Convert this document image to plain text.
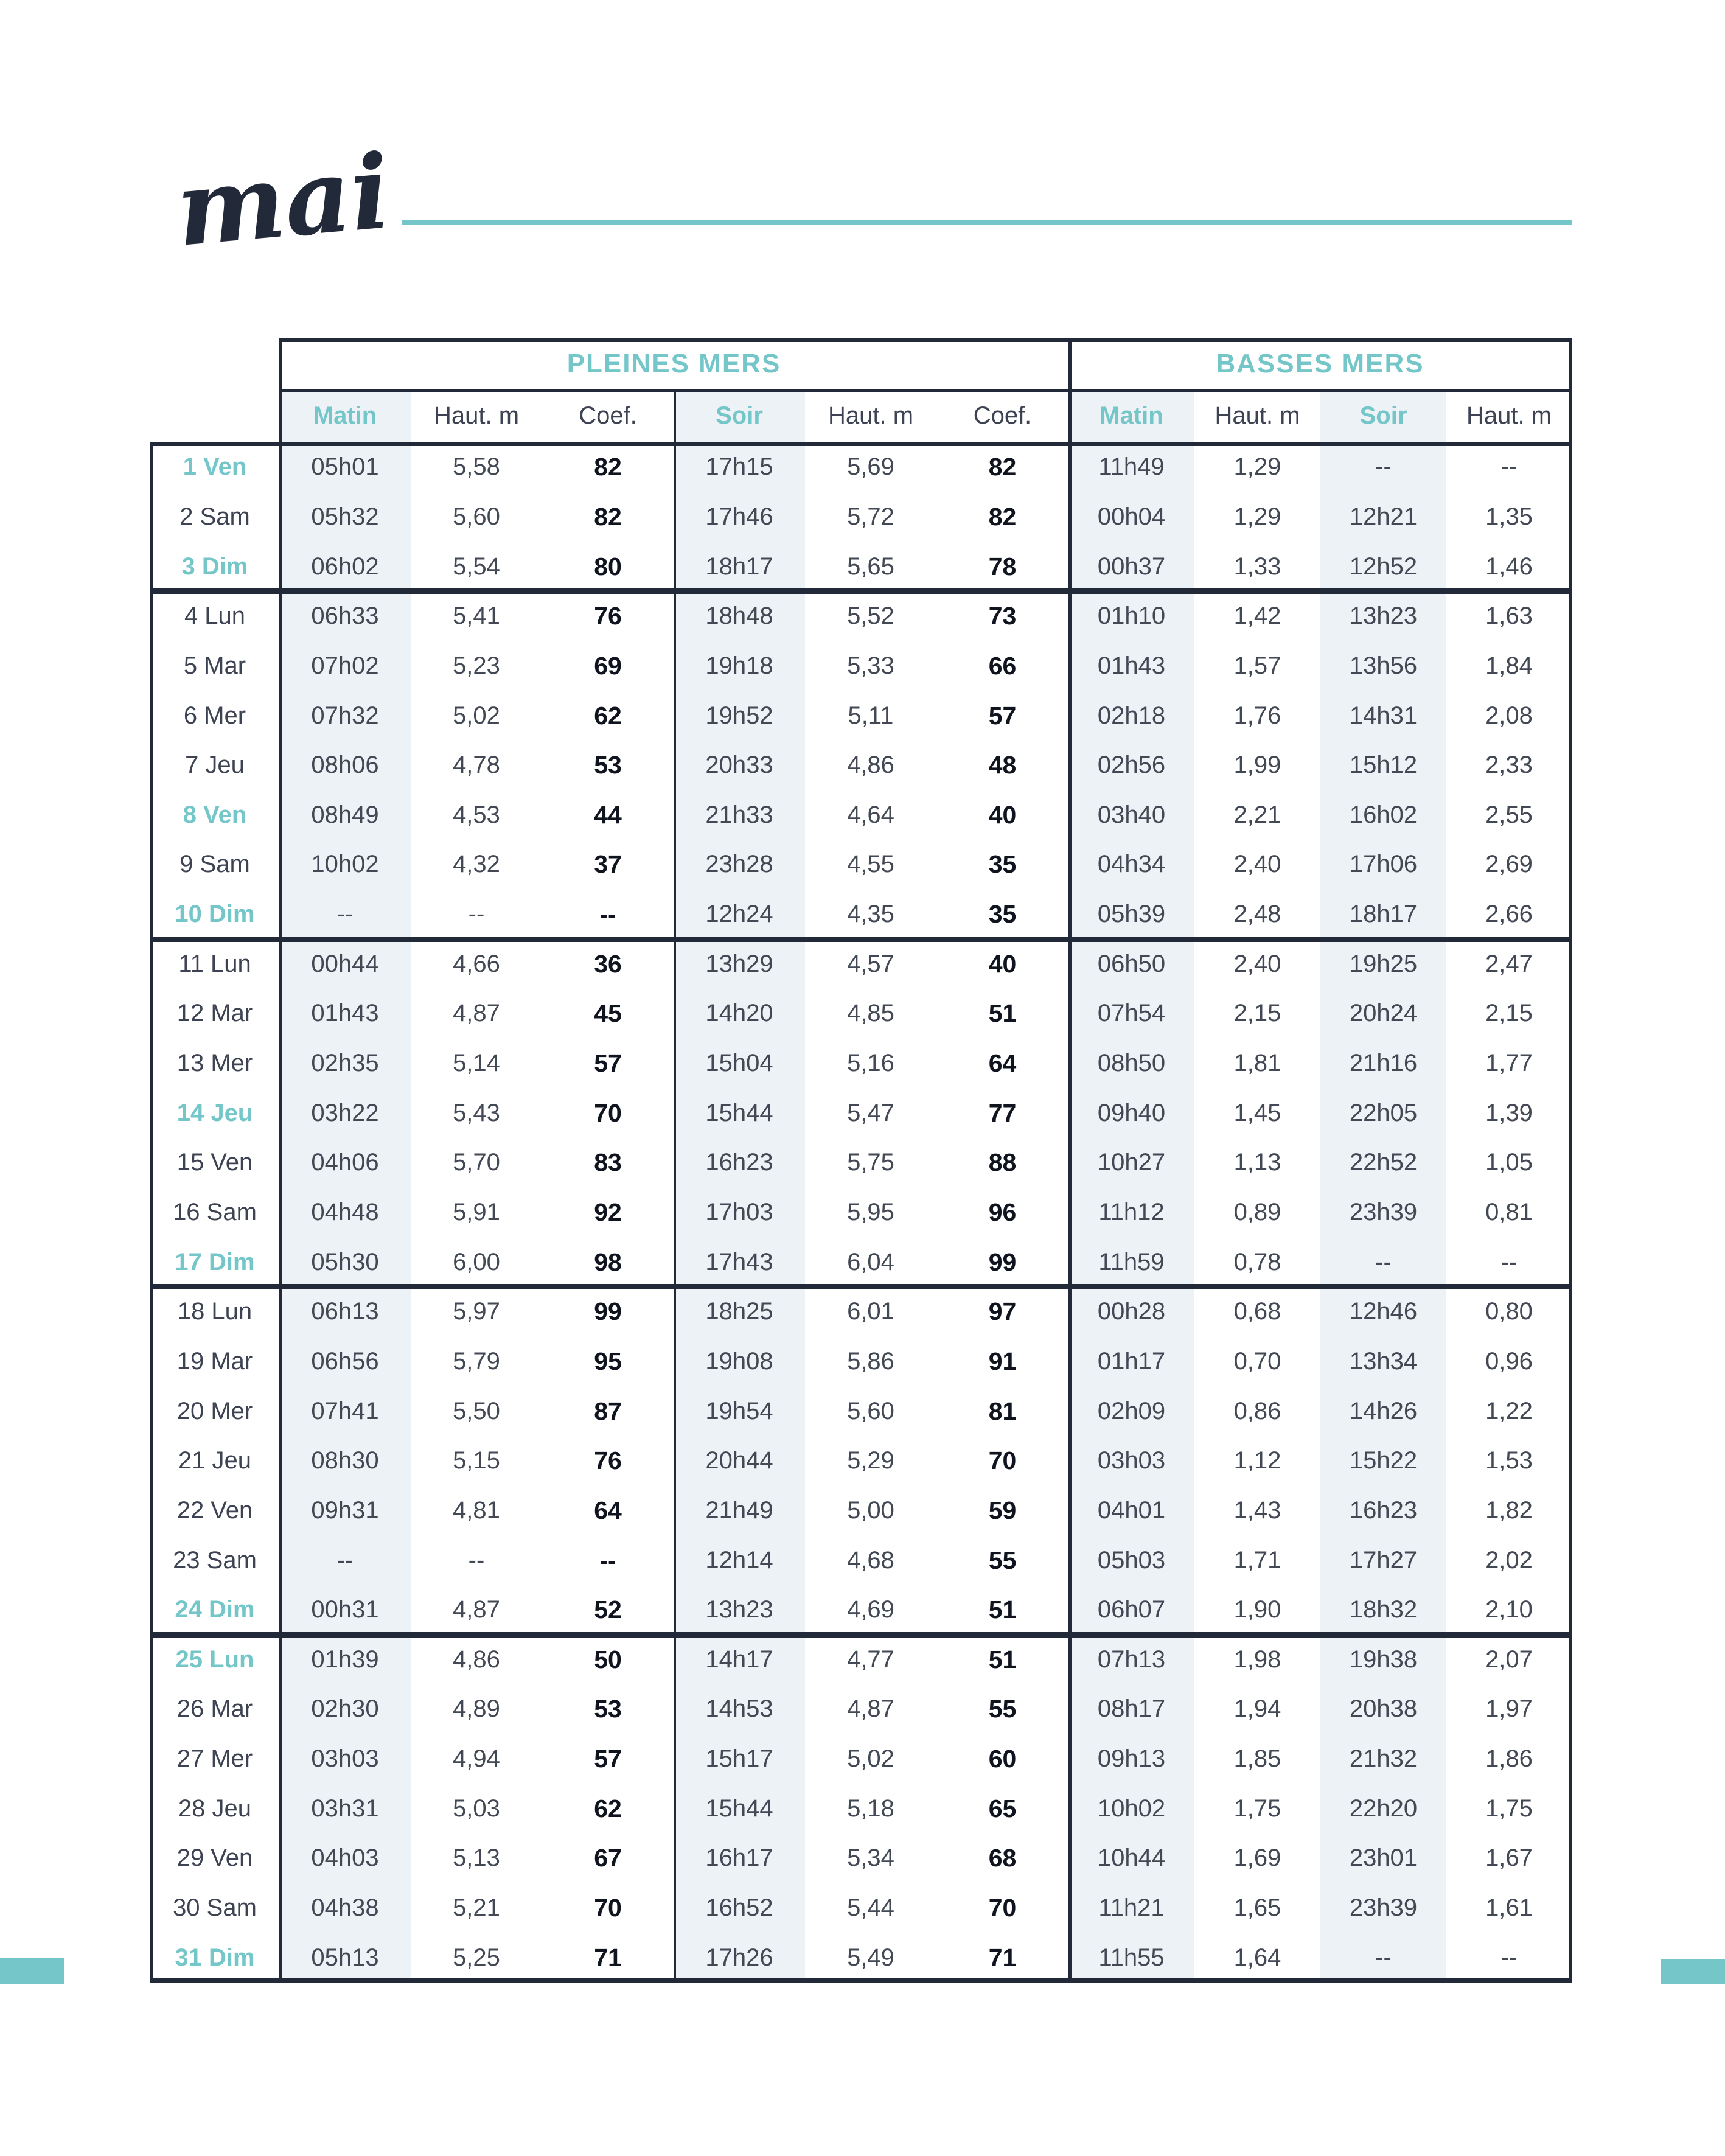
mai
PLEINES MERS	BASSES MERS
Matin	Haut. m	Coef.	Soir	Haut. m	Coef.	Matin	Haut. m	Soir	Haut. m
1 Ven	05h01	5,58	82	17h15	5,69	82	11h49	1,29	--	--
2 Sam	05h32	5,60	82	17h46	5,72	82	00h04	1,29	12h21	1,35
3 Dim	06h02	5,54	80	18h17	5,65	78	00h37	1,33	12h52	1,46
4 Lun	06h33	5,41	76	18h48	5,52	73	01h10	1,42	13h23	1,63
5 Mar	07h02	5,23	69	19h18	5,33	66	01h43	1,57	13h56	1,84
6 Mer	07h32	5,02	62	19h52	5,11	57	02h18	1,76	14h31	2,08
7 Jeu	08h06	4,78	53	20h33	4,86	48	02h56	1,99	15h12	2,33
8 Ven	08h49	4,53	44	21h33	4,64	40	03h40	2,21	16h02	2,55
9 Sam	10h02	4,32	37	23h28	4,55	35	04h34	2,40	17h06	2,69
10 Dim	--	--	--	12h24	4,35	35	05h39	2,48	18h17	2,66
11 Lun	00h44	4,66	36	13h29	4,57	40	06h50	2,40	19h25	2,47
12 Mar	01h43	4,87	45	14h20	4,85	51	07h54	2,15	20h24	2,15
13 Mer	02h35	5,14	57	15h04	5,16	64	08h50	1,81	21h16	1,77
14 Jeu	03h22	5,43	70	15h44	5,47	77	09h40	1,45	22h05	1,39
15 Ven	04h06	5,70	83	16h23	5,75	88	10h27	1,13	22h52	1,05
16 Sam	04h48	5,91	92	17h03	5,95	96	11h12	0,89	23h39	0,81
17 Dim	05h30	6,00	98	17h43	6,04	99	11h59	0,78	--	--
18 Lun	06h13	5,97	99	18h25	6,01	97	00h28	0,68	12h46	0,80
19 Mar	06h56	5,79	95	19h08	5,86	91	01h17	0,70	13h34	0,96
20 Mer	07h41	5,50	87	19h54	5,60	81	02h09	0,86	14h26	1,22
21 Jeu	08h30	5,15	76	20h44	5,29	70	03h03	1,12	15h22	1,53
22 Ven	09h31	4,81	64	21h49	5,00	59	04h01	1,43	16h23	1,82
23 Sam	--	--	--	12h14	4,68	55	05h03	1,71	17h27	2,02
24 Dim	00h31	4,87	52	13h23	4,69	51	06h07	1,90	18h32	2,10
25 Lun	01h39	4,86	50	14h17	4,77	51	07h13	1,98	19h38	2,07
26 Mar	02h30	4,89	53	14h53	4,87	55	08h17	1,94	20h38	1,97
27 Mer	03h03	4,94	57	15h17	5,02	60	09h13	1,85	21h32	1,86
28 Jeu	03h31	5,03	62	15h44	5,18	65	10h02	1,75	22h20	1,75
29 Ven	04h03	5,13	67	16h17	5,34	68	10h44	1,69	23h01	1,67
30 Sam	04h38	5,21	70	16h52	5,44	70	11h21	1,65	23h39	1,61
31 Dim	05h13	5,25	71	17h26	5,49	71	11h55	1,64	--	--
